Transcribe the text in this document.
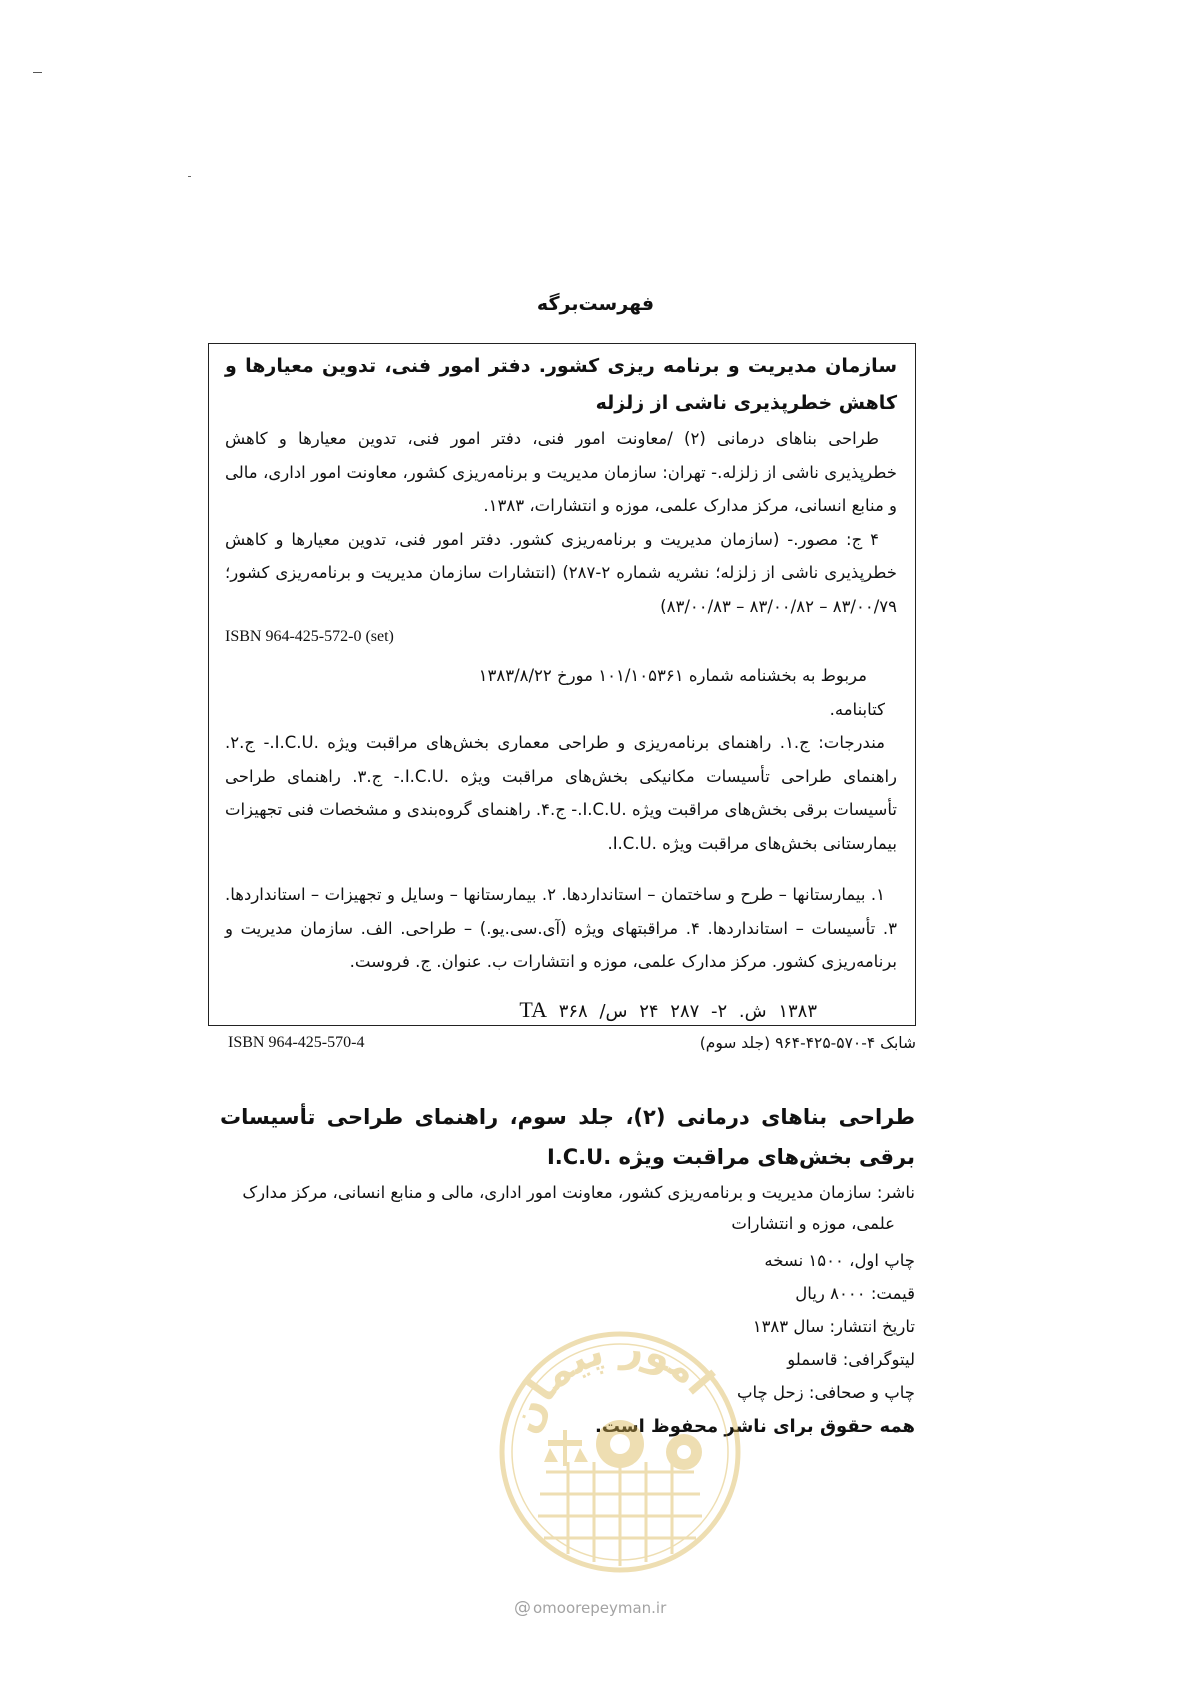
فهرست‌برگه
سازمان مدیریت و برنامه ریزی کشور. دفتر امور فنی، تدوین معیارها و کاهش خطرپذیری ناشی از زلزله
طراحی بناهای درمانی (۲) /معاونت امور فنی، دفتر امور فنی، تدوین معیارها و کاهش خطرپذیری ناشی از زلزله.- تهران: سازمان مدیریت و برنامه‌ریزی کشور، معاونت امور اداری، مالی و منابع انسانی، مرکز مدارک علمی، موزه و انتشارات، ۱۳۸۳.
۴ ج: مصور.- (سازمان مدیریت و برنامه‌ریزی کشور. دفتر امور فنی، تدوین معیارها و کاهش خطرپذیری ناشی از زلزله؛ نشریه شماره ۲-۲۸۷) (انتشارات سازمان مدیریت و برنامه‌ریزی کشور؛ ۸۳/۰۰/۷۹ – ۸۳/۰۰/۸۲ – ۸۳/۰۰/۸۳)
ISBN 964-425-572-0 (set)
مربوط به بخشنامه شماره ۱۰۱/۱۰۵۳۶۱ مورخ ۱۳۸۳/۸/۲۲
کتابنامه.
مندرجات: ج.۱. راهنمای برنامه‌ریزی و طراحی معماری بخش‌های مراقبت ویژه .I.C.U.- ج.۲. راهنمای طراحی تأسیسات مکانیکی بخش‌های مراقبت ویژه .I.C.U.- ج.۳. راهنمای طراحی تأسیسات برقی بخش‌های مراقبت ویژه .I.C.U.- ج.۴. راهنمای گروه‌بندی و مشخصات فنی تجهیزات بیمارستانی بخش‌های مراقبت ویژه .I.C.U.
۱. بیمارستانها – طرح و ساختمان – استانداردها. ۲. بیمارستانها – وسایل و تجهیزات – استانداردها. ۳. تأسیسات – استانداردها. ۴. مراقبتهای ویژه (آی.سی.یو.) – طراحی. الف. سازمان مدیریت و برنامه‌ریزی کشور. مرکز مدارک علمی، موزه و انتشارات ب. عنوان. ج. فروست.
۱۳۸۳ ش. ۲- ۲۸۷ ۲۴ س/ ۳۶۸ TA
ISBN 964-425-570-4	شابک ۴-۵۷۰-۴۲۵-۹۶۴ (جلد سوم)
طراحی بناهای درمانی (۲)، جلد سوم، راهنمای طراحی تأسیسات برقی بخش‌های مراقبت ویژه .I.C.U
ناشر: سازمان مدیریت و برنامه‌ریزی کشور، معاونت امور اداری، مالی و منابع انسانی، مرکز مدارک
علمی، موزه و انتشارات
چاپ اول، ۱۵۰۰ نسخه
قیمت: ۸۰۰۰ ریال
تاریخ انتشار: سال ۱۳۸۳
لیتوگرافی: قاسملو
چاپ و صحافی: زحل چاپ
همه حقوق برای ناشر محفوظ است.
امور پیمان
@ omoorepeyman.ir
